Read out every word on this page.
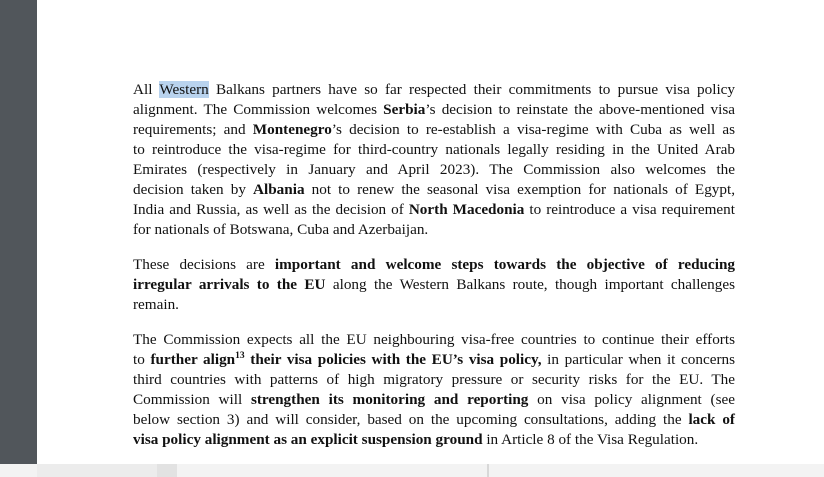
All Western Balkans partners have so far respected their commitments to pursue visa policy
alignment. The Commission welcomes Serbia’s decision to reinstate the above-mentioned visa
requirements; and Montenegro’s decision to re-establish a visa-regime with Cuba as well as
to reintroduce the visa-regime for third-country nationals legally residing in the United Arab
Emirates (respectively in January and April 2023). The Commission also welcomes the
decision taken by Albania not to renew the seasonal visa exemption for nationals of Egypt,
India and Russia, as well as the decision of North Macedonia to reintroduce a visa requirement
for nationals of Botswana, Cuba and Azerbaijan.

These decisions are important and welcome steps towards the objective of reducing
irregular arrivals to the EU along the Western Balkans route, though important challenges
remain.

The Commission expects all the EU neighbouring visa-free countries to continue their efforts
to further align$^{13}$ their visa policies with the EU’s visa policy, in particular when it concerns
third countries with patterns of high migratory pressure or security risks for the EU. The
Commission will strengthen its monitoring and reporting on visa policy alignment (see
below section 3) and will consider, based on the upcoming consultations, adding the lack of
visa policy alignment as an explicit suspension ground in Article 8 of the Visa Regulation.
